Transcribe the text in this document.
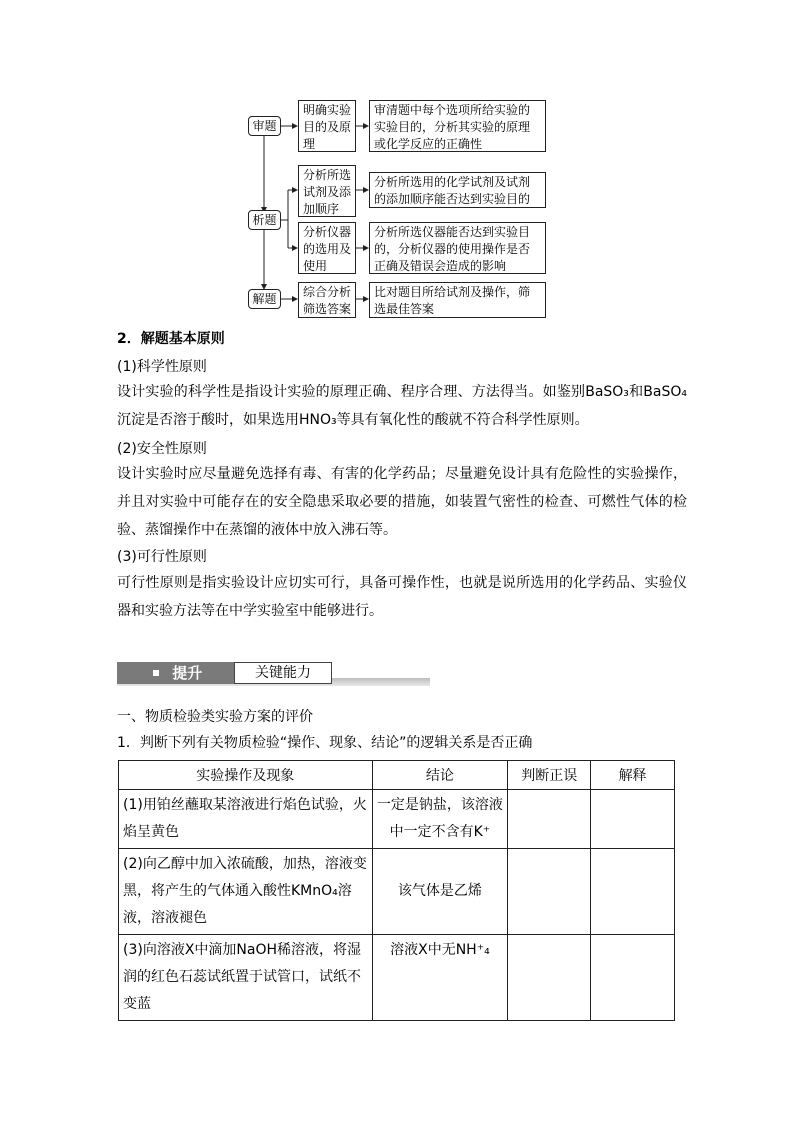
审题
析题
解题
明确实验目的及原理
审清题中每个选项所给实验的实验目的，分析其实验的原理或化学反应的正确性
分析所选试剂及添加顺序
分析所选用的化学试剂及试剂的添加顺序能否达到实验目的
分析仪器的选用及使用
分析所选仪器能否达到实验目的，分析仪器的使用操作是否正确及错误会造成的影响
综合分析筛选答案
比对题目所给试剂及操作，筛选最佳答案
2．解题基本原则
(1)科学性原则
设计实验的科学性是指设计实验的原理正确、程序合理、方法得当。如鉴别BaSO₃和BaSO₄沉淀是否溶于酸时，如果选用HNO₃等具有氧化性的酸就不符合科学性原则。
(2)安全性原则
设计实验时应尽量避免选择有毒、有害的化学药品；尽量避免设计具有危险性的实验操作，并且对实验中可能存在的安全隐患采取必要的措施，如装置气密性的检查、可燃性气体的检验、蒸馏操作中在蒸馏的液体中放入沸石等。
(3)可行性原则
可行性原则是指实验设计应切实可行，具备可操作性，也就是说所选用的化学药品、实验仪器和实验方法等在中学实验室中能够进行。
提升	关键能力
一、物质检验类实验方案的评价
1．判断下列有关物质检验“操作、现象、结论”的逻辑关系是否正确
实验操作及现象	结论	判断正误	解释
(1)用铂丝蘸取某溶液进行焰色试验，火焰呈黄色	一定是钠盐，该溶液中一定不含有K⁺		
(2)向乙醇中加入浓硫酸，加热，溶液变黑，将产生的气体通入酸性KMnO₄溶液，溶液褪色	该气体是乙烯		
(3)向溶液X中滴加NaOH稀溶液，将湿润的红色石蕊试纸置于试管口，试纸不变蓝	溶液X中无NH⁺₄		
